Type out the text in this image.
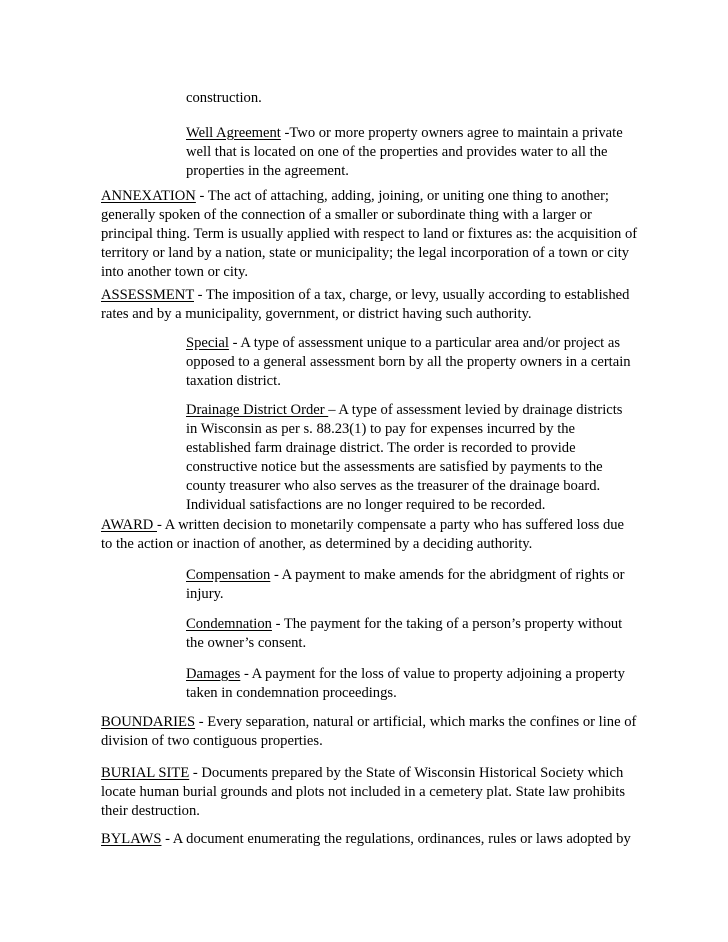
construction.
Well Agreement -Two or more property owners agree to maintain a private
well that is located on one of the properties and provides water to all the
properties in the agreement.
ANNEXATION - The act of attaching, adding, joining, or uniting one thing to another;
generally spoken of the connection of a smaller or subordinate thing with a larger or
principal thing. Term is usually applied with respect to land or fixtures as: the acquisition of
territory or land by a nation, state or municipality; the legal incorporation of a town or city
into another town or city.
ASSESSMENT - The imposition of a tax, charge, or levy, usually according to established
rates and by a municipality, government, or district having such authority.
Special - A type of assessment unique to a particular area and/or project as
opposed to a general assessment born by all the property owners in a certain
taxation district.
Drainage District Order – A type of assessment levied by drainage districts
in Wisconsin as per s. 88.23(1) to pay for expenses incurred by the
established farm drainage district. The order is recorded to provide
constructive notice but the assessments are satisfied by payments to the
county treasurer who also serves as the treasurer of the drainage board.
Individual satisfactions are no longer required to be recorded.
AWARD - A written decision to monetarily compensate a party who has suffered loss due
to the action or inaction of another, as determined by a deciding authority.
Compensation - A payment to make amends for the abridgment of rights or
injury.
Condemnation - The payment for the taking of a person’s property without
the owner’s consent.
Damages - A payment for the loss of value to property adjoining a property
taken in condemnation proceedings.
BOUNDARIES - Every separation, natural or artificial, which marks the confines or line of
division of two contiguous properties.
BURIAL SITE - Documents prepared by the State of Wisconsin Historical Society which
locate human burial grounds and plots not included in a cemetery plat. State law prohibits
their destruction.
BYLAWS - A document enumerating the regulations, ordinances, rules or laws adopted by
